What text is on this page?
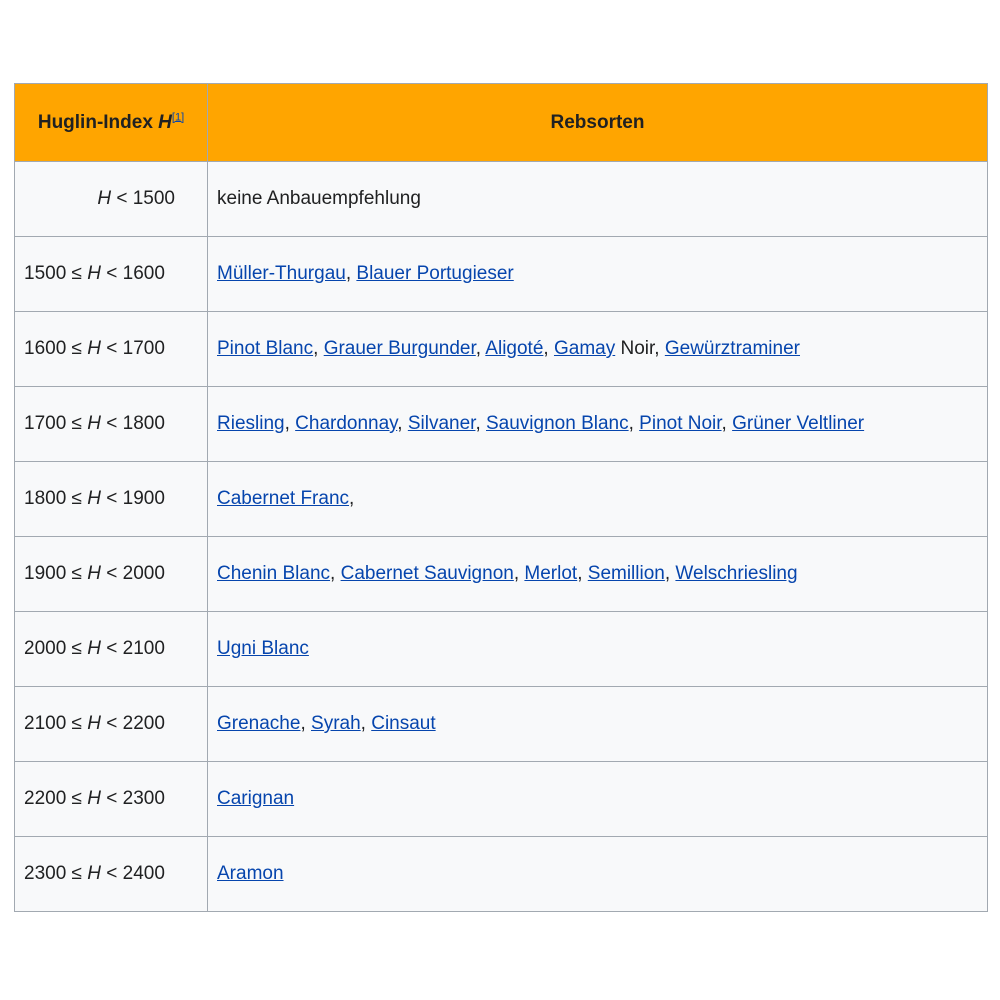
Huglin-Index H[1]	Rebsorten
H < 1500	keine Anbauempfehlung
1500 ≤ H < 1600	Müller-Thurgau, Blauer Portugieser
1600 ≤ H < 1700	Pinot Blanc, Grauer Burgunder, Aligoté, Gamay Noir, Gewürztraminer
1700 ≤ H < 1800	Riesling, Chardonnay, Silvaner, Sauvignon Blanc, Pinot Noir, Grüner Veltliner
1800 ≤ H < 1900	Cabernet Franc,
1900 ≤ H < 2000	Chenin Blanc, Cabernet Sauvignon, Merlot, Semillion, Welschriesling
2000 ≤ H < 2100	Ugni Blanc
2100 ≤ H < 2200	Grenache, Syrah, Cinsaut
2200 ≤ H < 2300	Carignan
2300 ≤ H < 2400	Aramon
